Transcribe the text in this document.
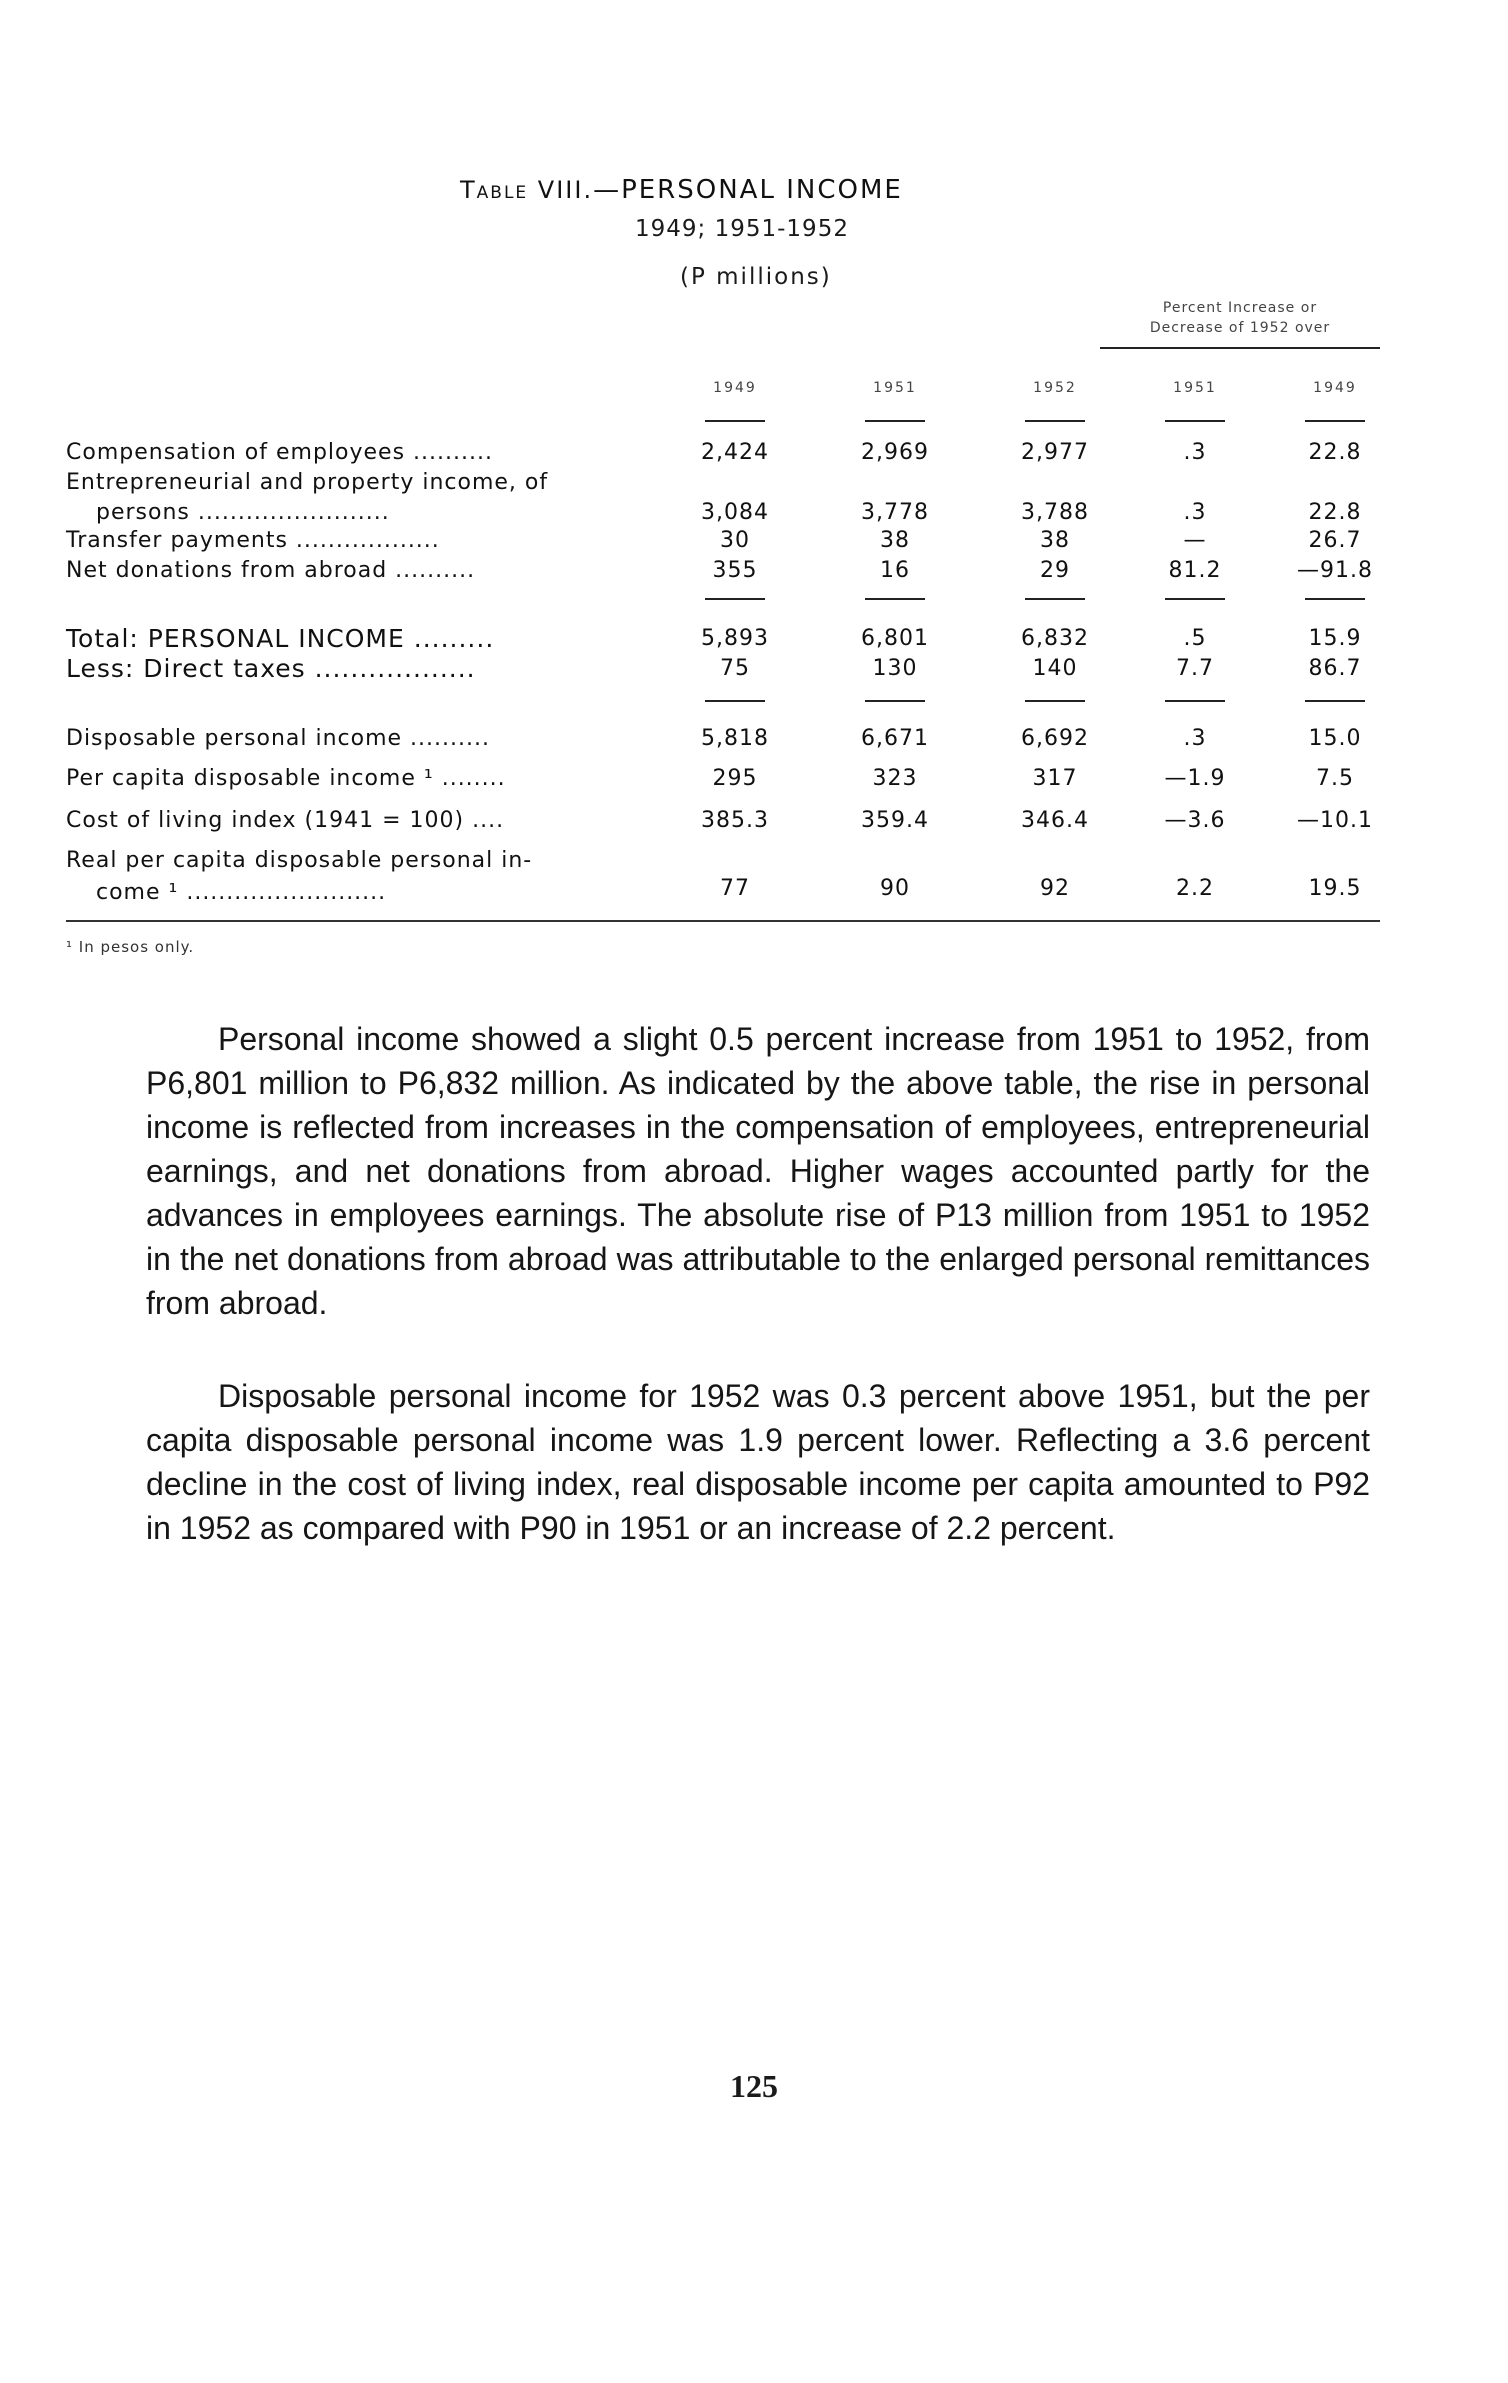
Table VIII.—PERSONAL INCOME
1949; 1951-1952
(P millions)
Percent Increase or
Decrease of 1952 over
1949	1951	1952	1951	1949
Compensation of employees ..........	2,424	2,969	2,977	.3	22.8
Entrepreneurial and property income, of
persons ........................	3,084	3,778	3,788	.3	22.8
Transfer payments ..................	30	38	38	—	26.7
Net donations from abroad ..........	355	16	29	81.2	—91.8
Total: PERSONAL INCOME .........	5,893	6,801	6,832	.5	15.9
Less: Direct taxes ..................	75	130	140	7.7	86.7
Disposable personal income ..........	5,818	6,671	6,692	.3	15.0
Per capita disposable income ¹ ........	295	323	317	—1.9	7.5
Cost of living index (1941 = 100) ....	385.3	359.4	346.4	—3.6	—10.1
Real per capita disposable personal in-
come ¹ .........................	77	90	92	2.2	19.5
¹ In pesos only.

Personal income showed a slight 0.5 percent increase from 1951 to 1952, from P6,801 million to P6,832 million. As indicated by the above table, the rise in personal income is reflected from increases in the compensation of employees, entrepreneurial earnings, and net donations from abroad. Higher wages accounted partly for the advances in employees earnings. The absolute rise of P13 million from 1951 to 1952 in the net donations from abroad was attributable to the enlarged personal remittances from abroad.

Disposable personal income for 1952 was 0.3 percent above 1951, but the per capita disposable personal income was 1.9 percent lower. Reflecting a 3.6 percent decline in the cost of living index, real disposable income per capita amounted to P92 in 1952 as compared with P90 in 1951 or an increase of 2.2 percent.

125
